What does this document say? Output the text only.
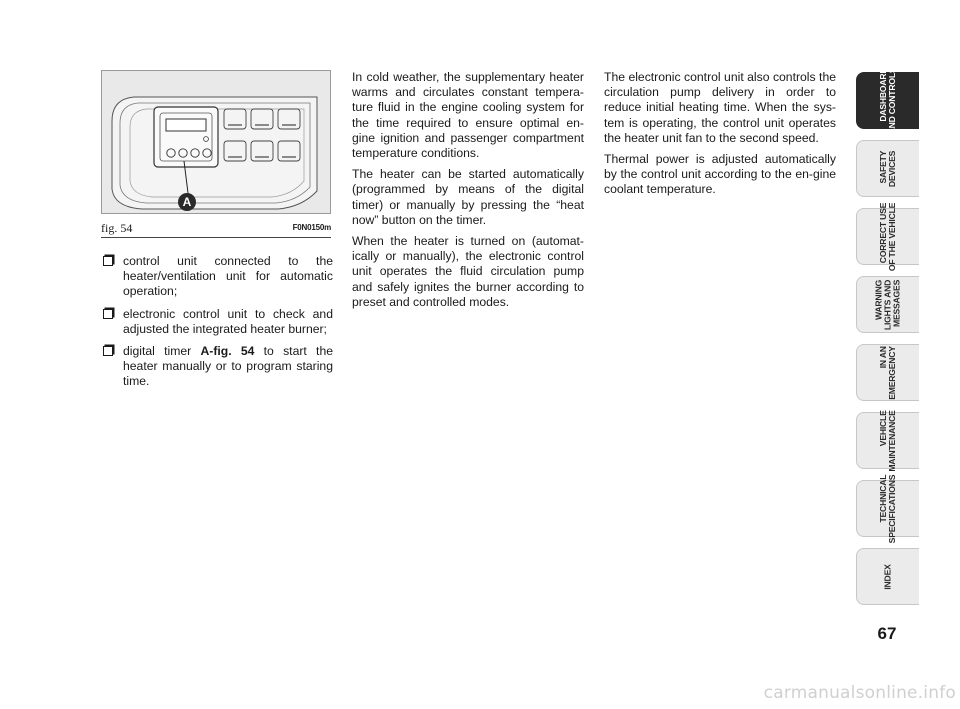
A
fig. 54	F0N0150m
control unit connected to the heater/ventilation unit for automatic operation;
electronic control unit to check and adjusted the integrated heater burner;
digital timer A-fig. 54 to start the heater manually or to program staring time.

In cold weather, the supplementary heater warms and circulates constant tempera-ture fluid in the engine cooling system for the time required to ensure optimal en-gine ignition and passenger compartment temperature conditions.

The heater can be started automatically (programmed by means of the digital timer) or manually by pressing the “heat now” button on the timer.

When the heater is turned on (automat-ically or manually), the electronic control unit operates the fluid circulation pump and safely ignites the burner according to preset and controlled modes.

The electronic control unit also controls the circulation pump delivery in order to reduce initial heating time. When the sys-tem is operating, the control unit operates the heater unit fan to the second speed.

Thermal power is adjusted automatically by the control unit according to the en-gine coolant temperature.

DASHBOARD
AND CONTROLS
SAFETY
DEVICES
CORRECT USE
OF THE VEHICLE
WARNING
LIGHTS AND
MESSAGES
IN AN
EMERGENCY
VEHICLE
MAINTENANCE
TECHNICAL
SPECIFICATIONS
INDEX
67
carmanualsonline.info
